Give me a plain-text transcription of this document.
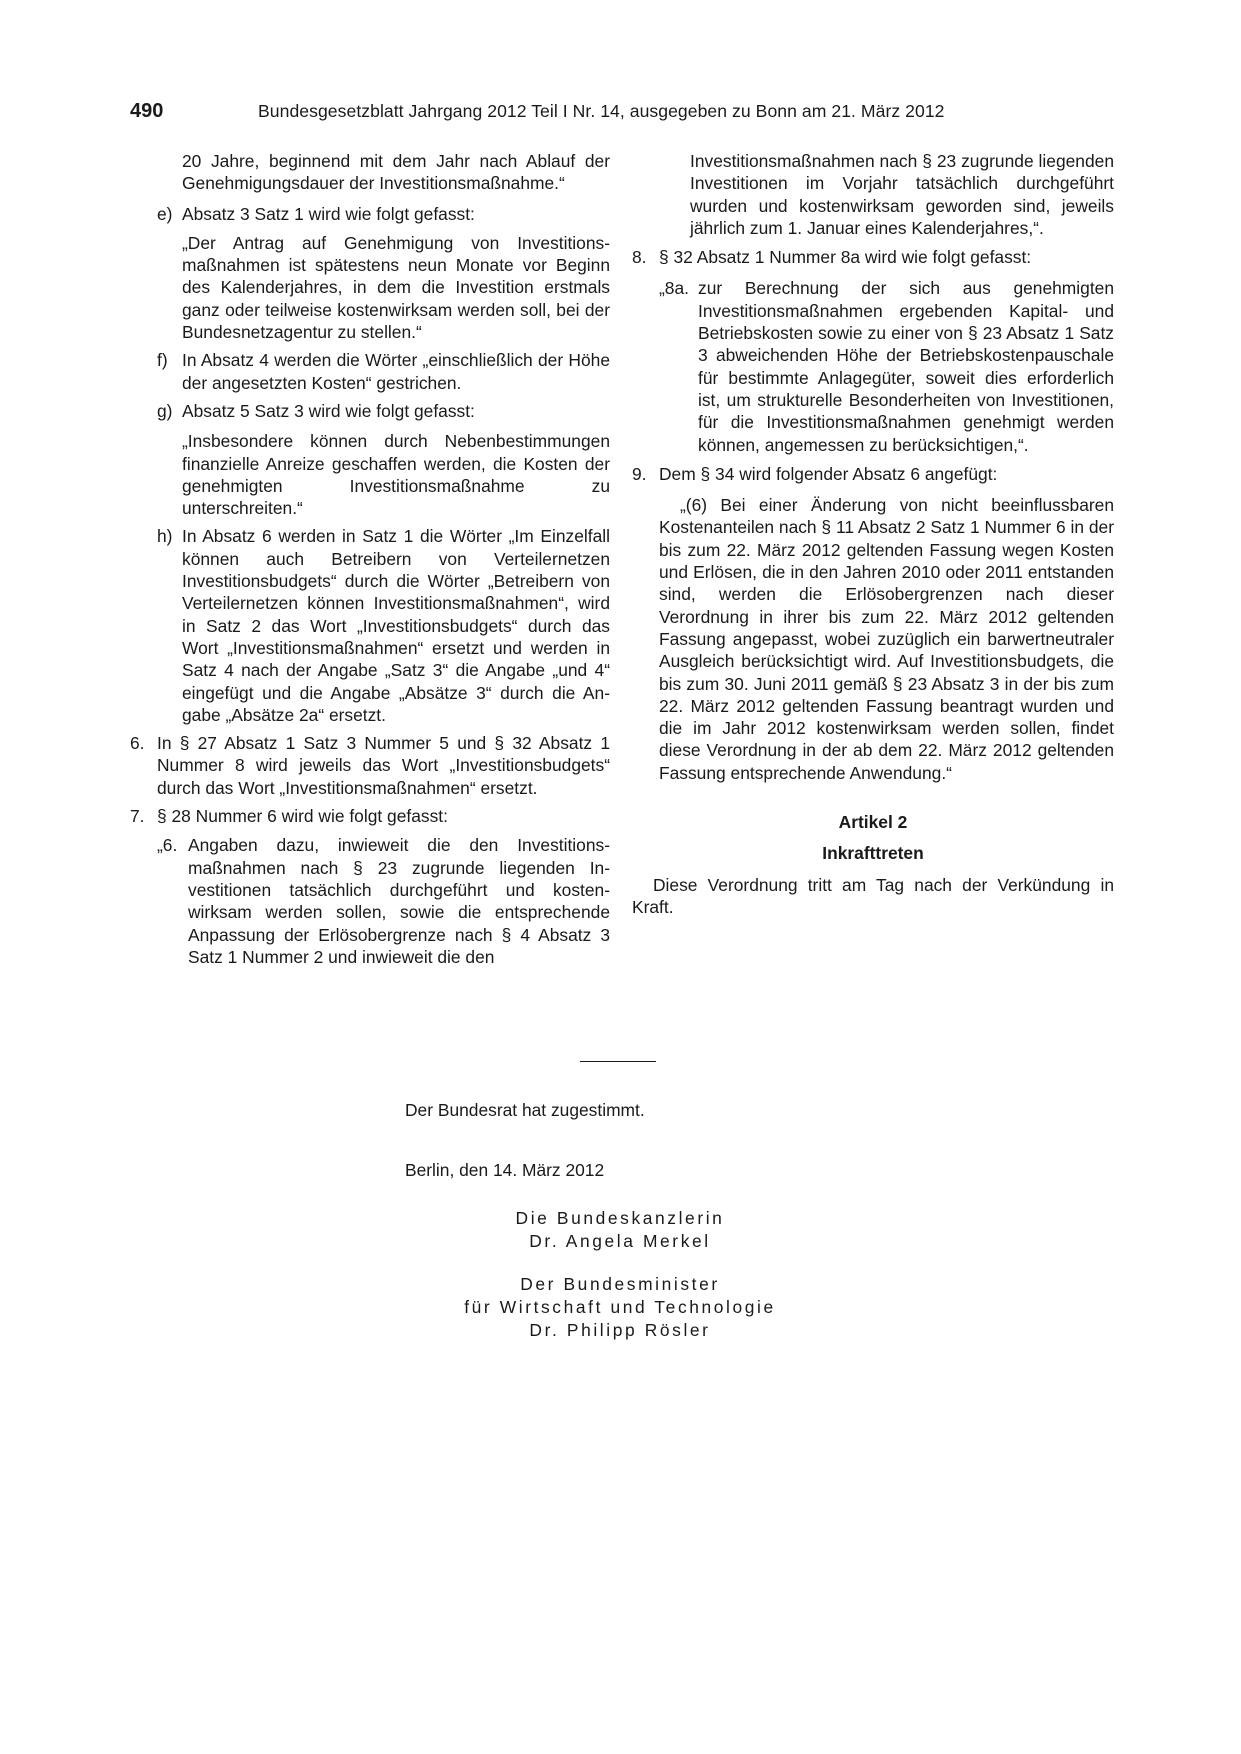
490	Bundesgesetzblatt Jahrgang 2012 Teil I Nr. 14, ausgegeben zu Bonn am 21. März 2012

20 Jahre, beginnend mit dem Jahr nach Ablauf der Genehmigungsdauer der Investitionsmaßnahme.“

e) Absatz 3 Satz 1 wird wie folgt gefasst:

„Der Antrag auf Genehmigung von Investitionsmaßnahmen ist spätestens neun Monate vor Beginn des Kalenderjahres, in dem die Investition erstmals ganz oder teilweise kostenwirksam werden soll, bei der Bundesnetzagentur zu stellen.“

f) In Absatz 4 werden die Wörter „einschließlich der Höhe der angesetzten Kosten“ gestrichen.
g) Absatz 5 Satz 3 wird wie folgt gefasst:

„Insbesondere können durch Nebenbestimmungen finanzielle Anreize geschaffen werden, die Kosten der genehmigten Investitionsmaßnahme zu unterschreiten.“

h) In Absatz 6 werden in Satz 1 die Wörter „Im Einzelfall können auch Betreibern von Verteilernetzen Investitionsbudgets“ durch die Wörter „Betreibern von Verteilernetzen können Investitionsmaßnahmen“, wird in Satz 2 das Wort „Investitionsbudgets“ durch das Wort „Investitionsmaßnahmen“ ersetzt und werden in Satz 4 nach der Angabe „Satz 3“ die Angabe „und 4“ eingefügt und die Angabe „Absätze 3“ durch die Angabe „Absätze 2a“ ersetzt.
6. In § 27 Absatz 1 Satz 3 Nummer 5 und § 32 Absatz 1 Nummer 8 wird jeweils das Wort „Investitionsbudgets“ durch das Wort „Investitionsmaßnahmen“ ersetzt.
7. § 28 Nummer 6 wird wie folgt gefasst:
„6. Angaben dazu, inwieweit die den Investitionsmaßnahmen nach § 23 zugrunde liegenden Investitionen tatsächlich durchgeführt und kostenwirksam werden sollen, sowie die entsprechende Anpassung der Erlösobergrenze nach § 4 Absatz 3 Satz 1 Nummer 2 und inwieweit die den

Investitionsmaßnahmen nach § 23 zugrunde liegenden Investitionen im Vorjahr tatsächlich durchgeführt wurden und kostenwirksam geworden sind, jeweils jährlich zum 1. Januar eines Kalenderjahres,“.

8. § 32 Absatz 1 Nummer 8a wird wie folgt gefasst:
„8a. zur Berechnung der sich aus genehmigten Investitionsmaßnahmen ergebenden Kapital- und Betriebskosten sowie zu einer von § 23 Absatz 1 Satz 3 abweichenden Höhe der Betriebskostenpauschale für bestimmte Anlagegüter, soweit dies erforderlich ist, um strukturelle Besonderheiten von Investitionen, für die Investitionsmaßnahmen genehmigt werden können, angemessen zu berücksichtigen,“.
9. Dem § 34 wird folgender Absatz 6 angefügt:

„(6) Bei einer Änderung von nicht beeinflussbaren Kostenanteilen nach § 11 Absatz 2 Satz 1 Nummer 6 in der bis zum 22. März 2012 geltenden Fassung wegen Kosten und Erlösen, die in den Jahren 2010 oder 2011 entstanden sind, werden die Erlösobergrenzen nach dieser Verordnung in ihrer bis zum 22. März 2012 geltenden Fassung angepasst, wobei zuzüglich ein barwertneutraler Ausgleich berücksichtigt wird. Auf Investitionsbudgets, die bis zum 30. Juni 2011 gemäß § 23 Absatz 3 in der bis zum 22. März 2012 geltenden Fassung beantragt wurden und die im Jahr 2012 kostenwirksam werden sollen, findet diese Verordnung in der ab dem 22. März 2012 geltenden Fassung entsprechende Anwendung.“

Artikel 2

Inkrafttreten

Diese Verordnung tritt am Tag nach der Verkündung in Kraft.

Der Bundesrat hat zugestimmt.

Berlin, den 14. März 2012

Die Bundeskanzlerin

Dr. Angela Merkel

Der Bundesminister

für Wirtschaft und Technologie

Dr. Philipp Rösler
